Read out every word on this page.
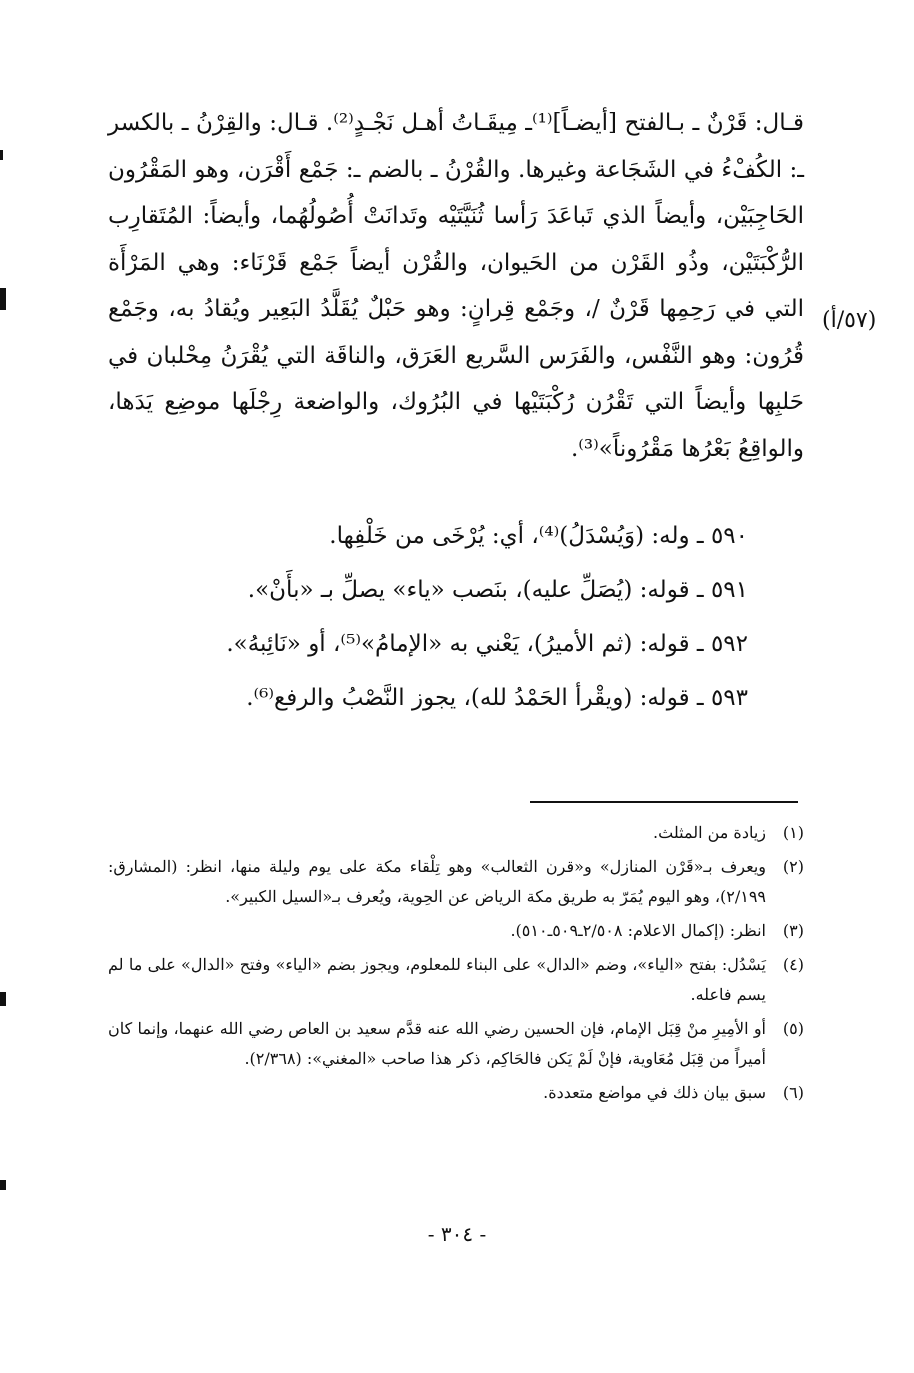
(٥٧/أ)

قـال: قَرْنٌ ـ بـالفتح [أيضـاً]⁽¹⁾ـ مِيقَـاتُ أهـل نَجْـدٍ⁽²⁾. قـال: والقِرْنُ ـ بالكسر ـ: الكُفْءُ في الشَجَاعة وغيرها. والقُرْنُ ـ بالضم ـ: جَمْع أَقْرَن، وهو المَقْرُون الحَاجِبَيْن، وأيضاً الذي تَباعَدَ رَأسا ثُنَيَّتَيْه وتَدانَتْ أُصُولُهُما، وأيضاً: المُتَقارِب الرُّكْبَتَيْن، وذُو القَرْن من الحَيوان، والقُرْن أيضاً جَمْع قَرْنَاء: وهي المَرْأَة التي في رَحِمِها قَرْنٌ /، وجَمْع قِرانٍ: وهو حَبْلٌ يُقَلَّدُ البَعِير ويُقادُ به، وجَمْع قُرُون: وهو النَّفْس، والفَرَس السَّريع العَرَق، والناقَة التي يُقْرَنُ مِحْلبان في حَلبِها وأيضاً التي تَقْرُن رُكْبَتَيْها في البُرُوك، والواضعة رِجْلَها موضِع يَدَها، والواقِعُ بَعْرُها مَقْرُوناً»⁽³⁾.

٥٩٠ ـ وله: (وَيُسْدَلُ)⁽⁴⁾، أي: يُرْخَى من خَلْفِها.
٥٩١ ـ قوله: (يُصَلِّ عليه)، بنَصب «ياء» يصلِّ بـ «بأَنْ».
٥٩٢ ـ قوله: (ثم الأميرُ)، يَعْني به «الإمامُ»⁽⁵⁾، أو «نَائِبهُ».
٥٩٣ ـ قوله: (ويقْرأ الحَمْدُ لله)، يجوز النَّصْبُ والرفع⁽⁶⁾.
(١)
زيادة من المثلث.
(٢)
ويعرف بـ«قَرْن المنازل» و«قرن الثعالب» وهو تِلْقاء مكة على يوم وليلة منها، انظر: (المشارق: ٢/١٩٩)، وهو اليوم يُمَرّ به طريق مكة الرياض عن الحِوية، ويُعرف بـ«السيل الكبير».
(٣)
انظر: (إكمال الاعلام: ٢/٥٠٨ـ٥٠٩ـ٥١٠).
(٤)
يَسْدُل: بفتح «الياء»، وضم «الدال» على البناء للمعلوم، ويجوز بضم «الياء» وفتح «الدال» على ما لم يسم فاعله.
(٥)
أو الأمِيرِ منْ قِبَل الإمام، فإن الحسين رضي الله عنه قدَّم سعيد بن العاص رضي الله عنهما، وإنما كان أميراً من قِبَل مُعَاوية، فإنْ لَمْ يَكن فالحَاكِم، ذكر هذا صاحب «المغني»: (٢/٣٦٨).
(٦)
سبق بيان ذلك في مواضع متعددة.
- ٣٠٤ -
